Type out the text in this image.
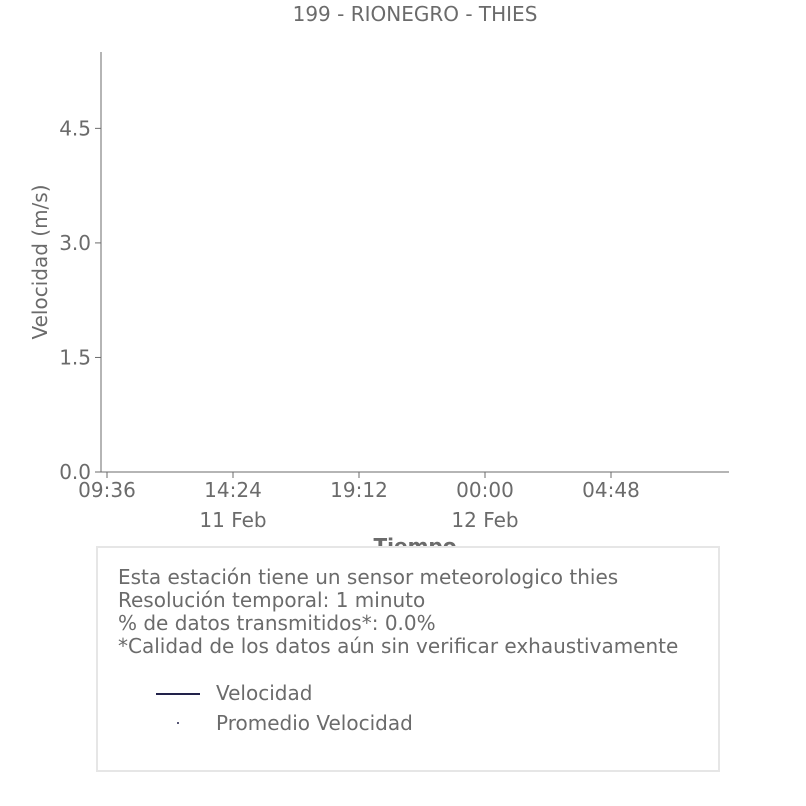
199 - RIONEGRO - THIES
Velocidad (m/s)
0.0
1.5
3.0
4.5
09:36	14:24
11 Feb
19:12	00:00
12 Feb
04:48
Esta estación tiene un sensor meteorologico thies
Resolución temporal: 1 minuto
% de datos transmitidos*: 0.0%
*Calidad de los datos aún sin verificar exhaustivamente
Velocidad
Promedio Velocidad
